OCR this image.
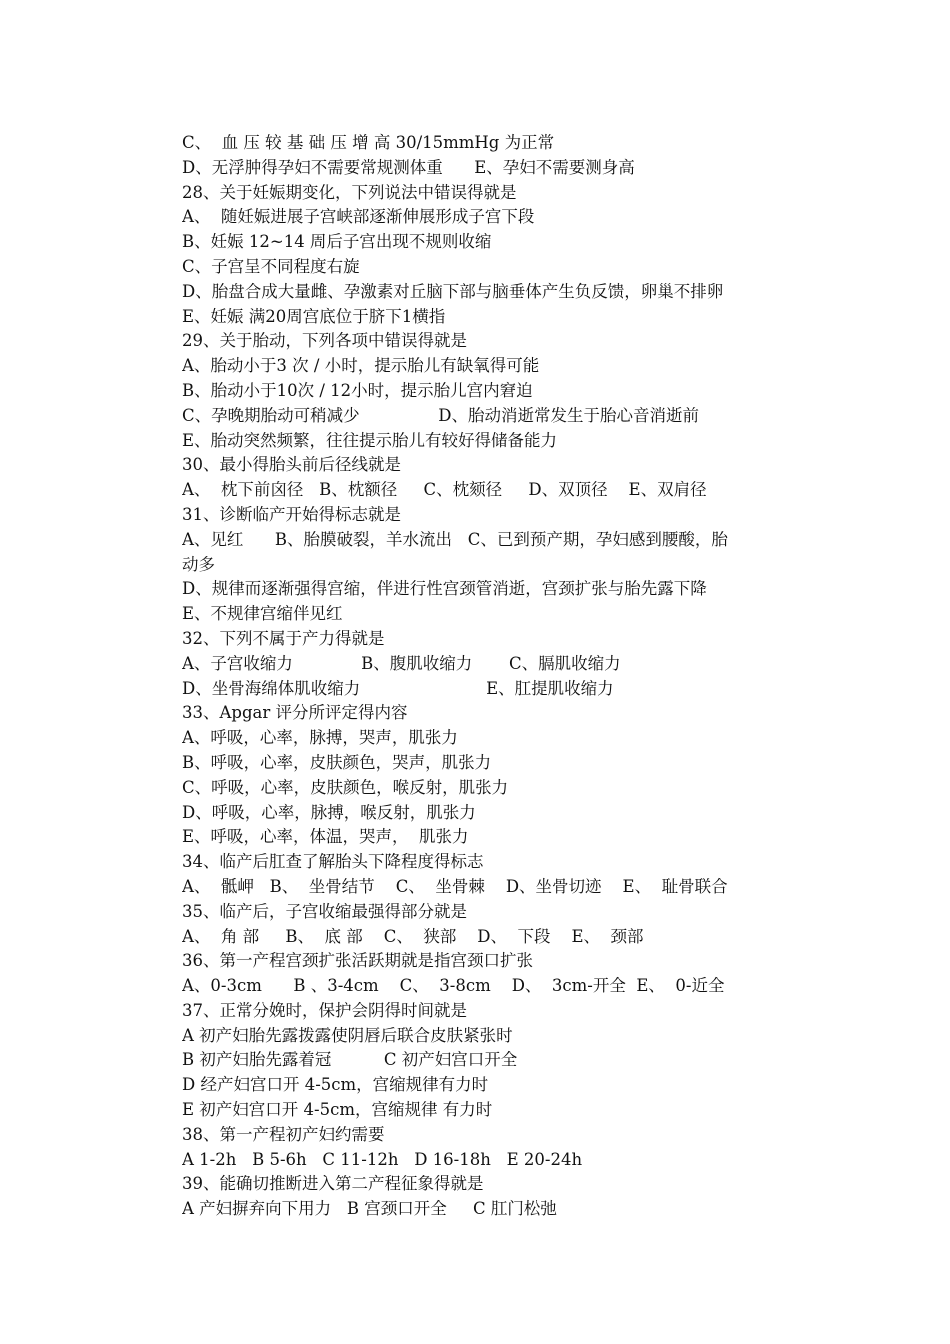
C、  血 压 较 基 础 压 增 高 30/15mmHg 为正常
D、无浮肿得孕妇不需要常规测体重      E、孕妇不需要测身高
28、关于妊娠期变化，下列说法中错误得就是
A、  随妊娠进展子宫峡部逐渐伸展形成子宫下段
B、妊娠 12~14 周后子宫出现不规则收缩
C、子宫呈不同程度右旋
D、胎盘合成大量雌、孕激素对丘脑下部与脑垂体产生负反馈，卵巢不排卵
E、妊娠 满20周宫底位于脐下1横指
29、关于胎动，下列各项中错误得就是
A、胎动小于3 次 / 小时，提示胎儿有缺氧得可能
B、胎动小于10次 / 12小时，提示胎儿宫内窘迫
C、孕晚期胎动可稍减少               D、胎动消逝常发生于胎心音消逝前
E、胎动突然频繁，往往提示胎儿有较好得储备能力
30、最小得胎头前后径线就是
A、  枕下前囟径   B、枕额径     C、枕颏径     D、双顶径    E、双肩径
31、诊断临产开始得标志就是
A、见红      B、胎膜破裂，羊水流出   C、已到预产期，孕妇感到腰酸，胎
动多
D、规律而逐渐强得宫缩，伴进行性宫颈管消逝，宫颈扩张与胎先露下降
E、不规律宫缩伴见红
32、下列不属于产力得就是
A、子宫收缩力             B、腹肌收缩力       C、膈肌收缩力
D、坐骨海绵体肌收缩力                        E、肛提肌收缩力
33、Apgar 评分所评定得内容
A、呼吸，心率，脉搏，哭声，肌张力
B、呼吸，心率，皮肤颜色，哭声，肌张力
C、呼吸，心率，皮肤颜色，喉反射，肌张力
D、呼吸，心率，脉搏，喉反射，肌张力
E、呼吸，心率，体温，哭声，  肌张力
34、临产后肛查了解胎头下降程度得标志
A、  骶岬   B、  坐骨结节    C、  坐骨棘    D、坐骨切迹    E、  耻骨联合
35、临产后，子宫收缩最强得部分就是
A、  角 部     B、  底 部    C、  狭部    D、  下段    E、  颈部
36、第一产程宫颈扩张活跃期就是指宫颈口扩张
A、0-3cm      B 、3-4cm    C、  3-8cm    D、  3cm-开全  E、  0-近全
37、正常分娩时，保护会阴得时间就是
A 初产妇胎先露拨露使阴唇后联合皮肤紧张时
B 初产妇胎先露着冠          C 初产妇宫口开全
D 经产妇宫口开 4-5cm，宫缩规律有力时
E 初产妇宫口开 4-5cm，宫缩规律 有力时
38、第一产程初产妇约需要
A 1-2h   B 5-6h   C 11-12h   D 16-18h   E 20-24h
39、能确切推断进入第二产程征象得就是
A 产妇摒弃向下用力   B 宫颈口开全     C 肛门松弛
